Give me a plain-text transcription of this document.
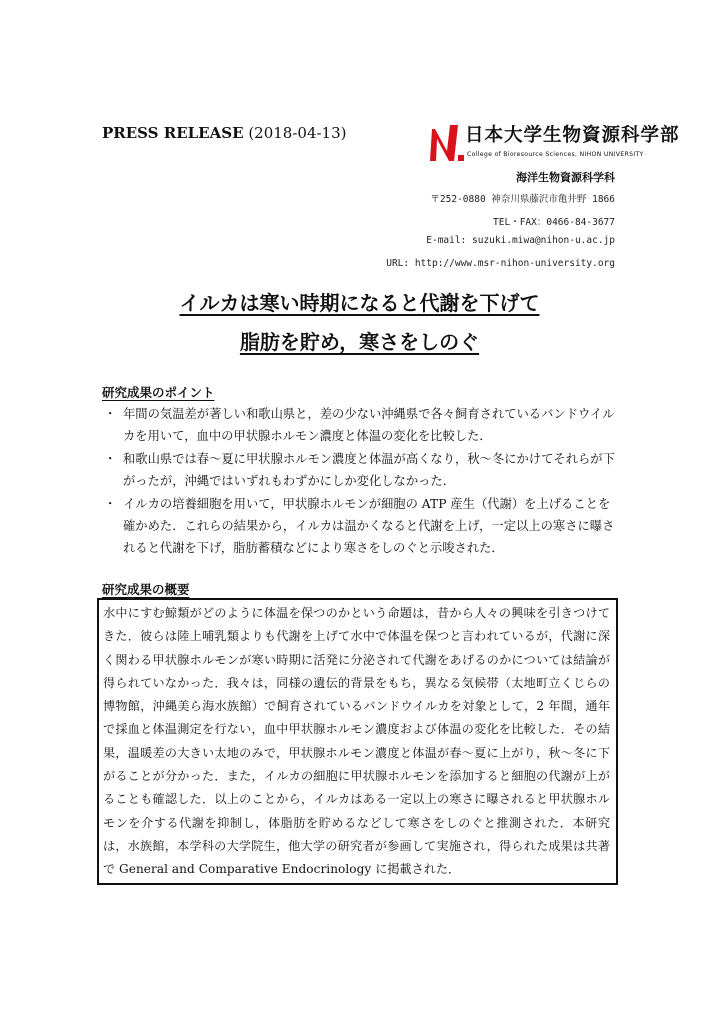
PRESS RELEASE (2018-04-13)	日本大学生物資源科学部
College of Bioresource Sciences, NIHON UNIVERSITY
海洋生物資源科学科
〒252-0880 神奈川県藤沢市亀井野 1866
TEL・FAX：0466-84-3677
E-mail: suzuki.miwa@nihon-u.ac.jp
URL: http://www.msr-nihon-university.org
イルカは寒い時期になると代謝を下げて
脂肪を貯め，寒さをしのぐ
研究成果のポイント
・ 年間の気温差が著しい和歌山県と，差の少ない沖縄県で各々飼育されているバンドウイルカを用いて，血中の甲状腺ホルモン濃度と体温の変化を比較した．
・ 和歌山県では春～夏に甲状腺ホルモン濃度と体温が高くなり，秋～冬にかけてそれらが下がったが，沖縄ではいずれもわずかにしか変化しなかった．
・ イルカの培養細胞を用いて，甲状腺ホルモンが細胞の ATP 産生（代謝）を上げることを確かめた．これらの結果から，イルカは温かくなると代謝を上げ，一定以上の寒さに曝されると代謝を下げ，脂肪蓄積などにより寒さをしのぐと示唆された．
研究成果の概要
水中にすむ鯨類がどのように体温を保つのかという命題は，昔から人々の興味を引きつけてきた．彼らは陸上哺乳類よりも代謝を上げて水中で体温を保つと言われているが，代謝に深く関わる甲状腺ホルモンが寒い時期に活発に分泌されて代謝をあげるのかについては結論が得られていなかった．我々は，同様の遺伝的背景をもち，異なる気候帯（太地町立くじらの博物館，沖縄美ら海水族館）で飼育されているバンドウイルカを対象として，2 年間，通年で採血と体温測定を行ない，血中甲状腺ホルモン濃度および体温の変化を比較した．その結果，温暖差の大きい太地のみで，甲状腺ホルモン濃度と体温が春～夏に上がり，秋～冬に下がることが分かった．また，イルカの細胞に甲状腺ホルモンを添加すると細胞の代謝が上がることも確認した．以上のことから，イルカはある一定以上の寒さに曝されると甲状腺ホルモンを介する代謝を抑制し，体脂肪を貯めるなどして寒さをしのぐと推測された．本研究は，水族館，本学科の大学院生，他大学の研究者が参画して実施され，得られた成果は共著で General and Comparative Endocrinology に掲載された．
